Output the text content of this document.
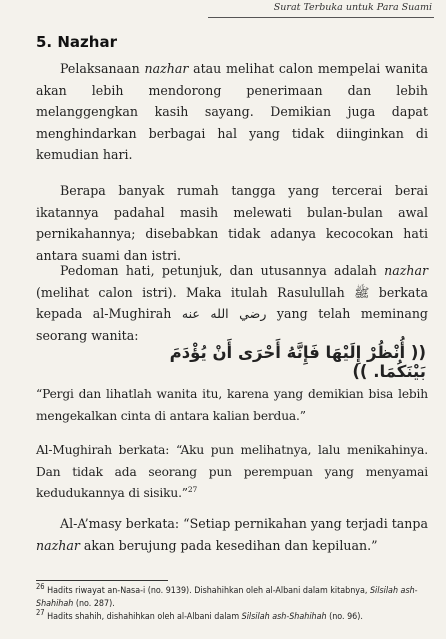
Surat Terbuka untuk Para Suami
5. Nazhar

Pelaksanaan nazhar atau melihat calon mempelai wanita akan lebih mendorong penerimaan dan lebih melanggengkan kasih sayang. Demikian juga dapat menghindarkan berbagai hal yang tidak diinginkan di kemudian hari.

Berapa banyak rumah tangga yang tercerai berai ikatannya padahal masih melewati bulan-bulan awal pernikahannya; disebabkan tidak adanya kecocokan hati antara suami dan istri.

Pedoman hati, petunjuk, dan utusannya adalah nazhar (melihat calon istri). Maka itulah Rasulullah ﷺ berkata kepada al-Mughirah رضي الله عنه yang telah meminang seorang wanita:

(( أُنْظُرْ إِلَيْهَا فَإِنَّهُ أَحْرَى أَنْ يُؤْدَمَ بَيْنَكُمَا. ))

“Pergi dan lihatlah wanita itu, karena yang demikian bisa lebih mengekalkan cinta di antara kalian berdua.”

Al-Mughirah berkata: “Aku pun melihatnya, lalu menikahinya. Dan tidak ada seorang pun perempuan yang menyamai kedudukannya di sisiku.”$^{27}$

Al-A’masy berkata: “Setiap pernikahan yang terjadi tanpa nazhar akan berujung pada kesedihan dan kepiluan.”

$^{26}$ Hadits riwayat an-Nasa-i (no. 9139). Dishahihkan oleh al-Albani dalam kitabnya, Silsilah ash-Shahihah (no. 287).

$^{27}$ Hadits shahih, dishahihkan oleh al-Albani dalam Silsilah ash-Shahihah (no. 96).
